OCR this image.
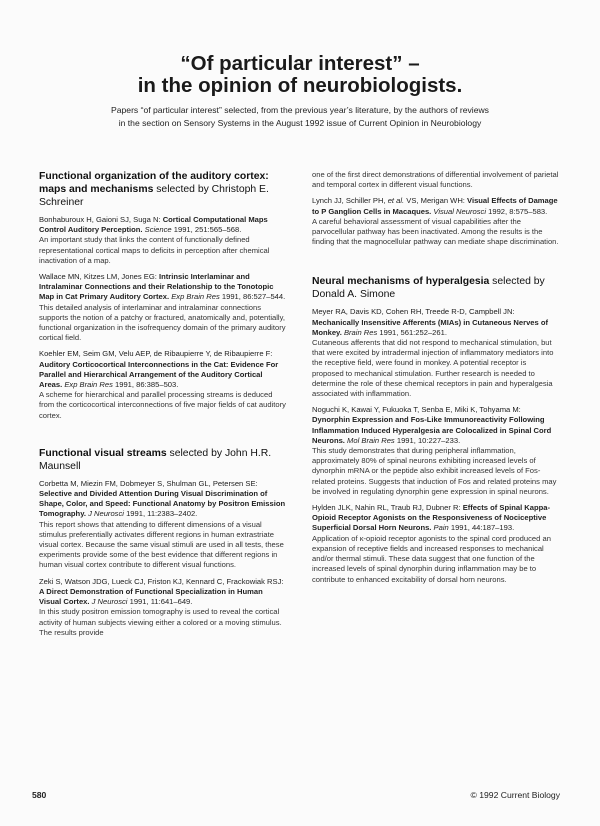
“Of particular interest” –
in the opinion of neurobiologists.

Papers “of particular interest” selected, from the previous year’s literature, by the authors of reviews
in the section on Sensory Systems in the August 1992 issue of Current Opinion in Neurobiology

Functional organization of the auditory cortex: maps and mechanisms selected by Christoph E. Schreiner

Bonhaburoux H, Gaioni SJ, Suga N: Cortical Computational Maps Control Auditory Perception. Science 1991, 251:565–568.

An important study that links the content of functionally defined representational cortical maps to deficits in perception after chemical inactivation of a map.

Wallace MN, Kitzes LM, Jones EG: Intrinsic Interlaminar and Intralaminar Connections and their Relationship to the Tonotopic Map in Cat Primary Auditory Cortex. Exp Brain Res 1991, 86:527–544.

This detailed analysis of interlaminar and intralaminar connections supports the notion of a patchy or fractured, anatomically and, potentially, functional organization in the isofrequency domain of the primary auditory cortical field.

Koehler EM, Seim GM, Velu AEP, de Ribaupierre Y, de Ribaupierre F: Auditory Corticocortical Interconnections in the Cat: Evidence For Parallel and Hierarchical Arrangement of the Auditory Cortical Areas. Exp Brain Res 1991, 86:385–503.

A scheme for hierarchical and parallel processing streams is deduced from the corticocortical interconnections of five major fields of cat auditory cortex.

Functional visual streams selected by John H.R. Maunsell

Corbetta M, Miezin FM, Dobmeyer S, Shulman GL, Petersen SE: Selective and Divided Attention During Visual Discrimination of Shape, Color, and Speed: Functional Anatomy by Positron Emission Tomography. J Neurosci 1991, 11:2383–2402.

This report shows that attending to different dimensions of a visual stimulus preferentially activates different regions in human extrastriate visual cortex. Because the same visual stimuli are used in all tests, these experiments provide some of the best evidence that different regions in human visual cortex contribute to different visual functions.

Zeki S, Watson JDG, Lueck CJ, Friston KJ, Kennard C, Frackowiak RSJ: A Direct Demonstration of Functional Specialization in Human Visual Cortex. J Neurosci 1991, 11:641–649.

In this study positron emission tomography is used to reveal the cortical activity of human subjects viewing either a colored or a moving stimulus. The results provide

one of the first direct demonstrations of differential involvement of parietal and temporal cortex in different visual functions.

Lynch JJ, Schiller PH, et al. VS, Merigan WH: Visual Effects of Damage to P Ganglion Cells in Macaques. Visual Neurosci 1992, 8:575–583.

A careful behavioral assessment of visual capabilities after the parvocellular pathway has been inactivated. Among the results is the finding that the magnocellular pathway can mediate shape discrimination.

Neural mechanisms of hyperalgesia selected by Donald A. Simone

Meyer RA, Davis KD, Cohen RH, Treede R-D, Campbell JN: Mechanically Insensitive Afferents (MIAs) in Cutaneous Nerves of Monkey. Brain Res 1991, 561:252–261.

Cutaneous afferents that did not respond to mechanical stimulation, but that were excited by intradermal injection of inflammatory mediators into the receptive field, were found in monkey. A potential receptor is proposed to mechanical stimulation. Further research is needed to determine the role of these chemical receptors in pain and hyperalgesia associated with inflammation.

Noguchi K, Kawai Y, Fukuoka T, Senba E, Miki K, Tohyama M: Dynorphin Expression and Fos-Like Immunoreactivity Following Inflammation Induced Hyperalgesia are Colocalized in Spinal Cord Neurons. Mol Brain Res 1991, 10:227–233.

This study demonstrates that during peripheral inflammation, approximately 80% of spinal neurons exhibiting increased levels of dynorphin mRNA or the peptide also exhibit increased levels of Fos-related proteins. Suggests that induction of Fos and related proteins may be involved in regulating dynorphin gene expression in spinal neurons.

Hylden JLK, Nahin RL, Traub RJ, Dubner R: Effects of Spinal Kappa-Opioid Receptor Agonists on the Responsiveness of Nociceptive Superficial Dorsal Horn Neurons. Pain 1991, 44:187–193.

Application of κ-opioid receptor agonists to the spinal cord produced an expansion of receptive fields and increased responses to mechanical and/or thermal stimuli. These data suggest that one function of the increased levels of spinal dynorphin during inflammation may be to contribute to enhanced excitability of dorsal horn neurons.

580	© 1992 Current Biology
